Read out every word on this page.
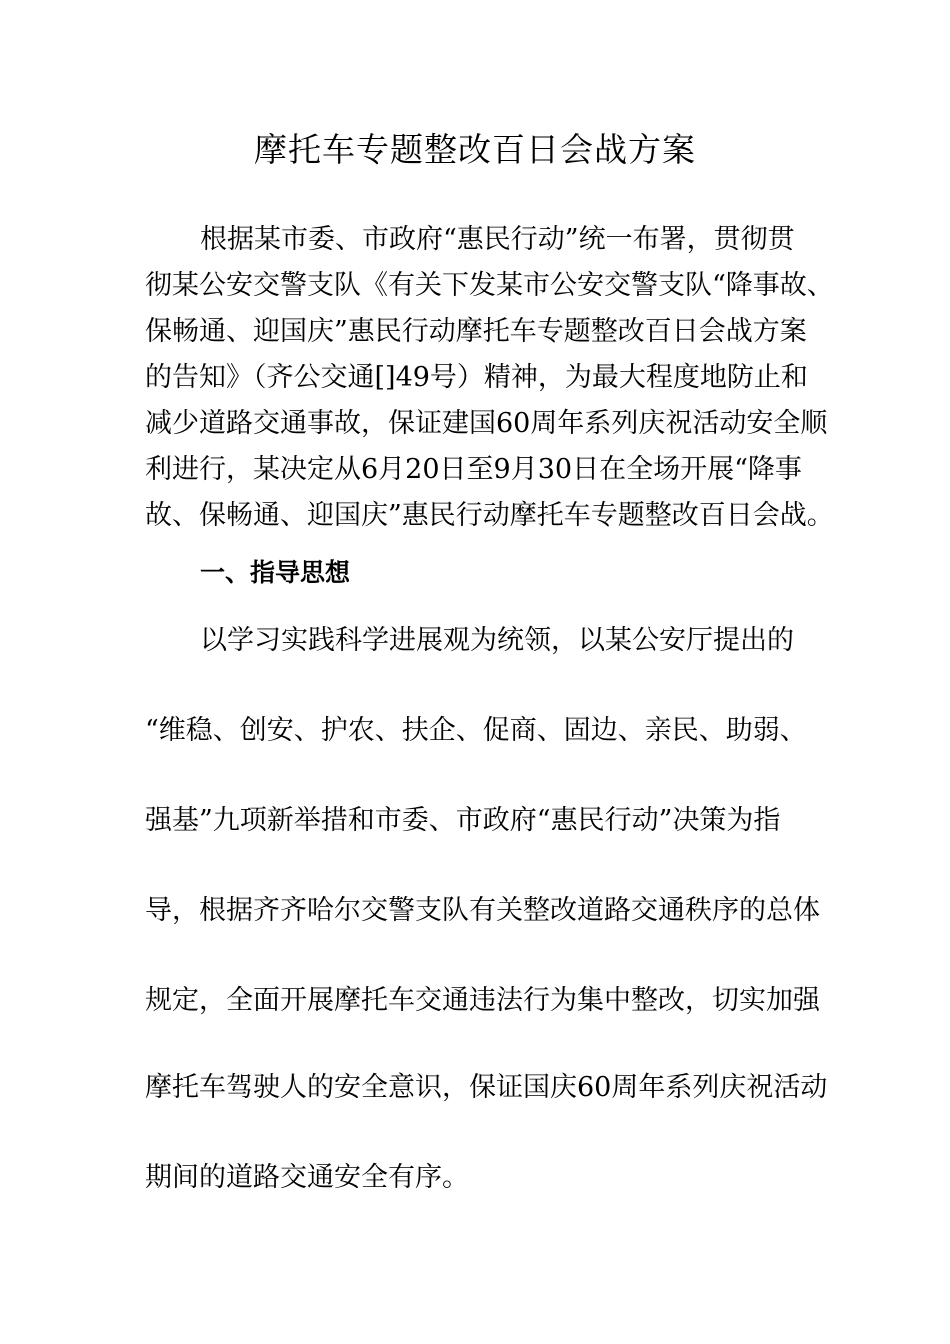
摩托车专题整改百日会战方案
根据某市委、市政府“惠民行动”统一布署，贯彻贯
彻某公安交警支队《有关下发某市公安交警支队“降事故、
保畅通、迎国庆”惠民行动摩托车专题整改百日会战方案
的告知》（齐公交通[]49号）精神，为最大程度地防止和
减少道路交通事故，保证建国60周年系列庆祝活动安全顺
利进行，某决定从6月20日至9月30日在全场开展“降事
故、保畅通、迎国庆”惠民行动摩托车专题整改百日会战。
一、指导思想
以学习实践科学进展观为统领，以某公安厅提出的
“维稳、创安、护农、扶企、促商、固边、亲民、助弱、
强基”九项新举措和市委、市政府“惠民行动”决策为指
导，根据齐齐哈尔交警支队有关整改道路交通秩序的总体
规定，全面开展摩托车交通违法行为集中整改，切实加强
摩托车驾驶人的安全意识，保证国庆60周年系列庆祝活动
期间的道路交通安全有序。
